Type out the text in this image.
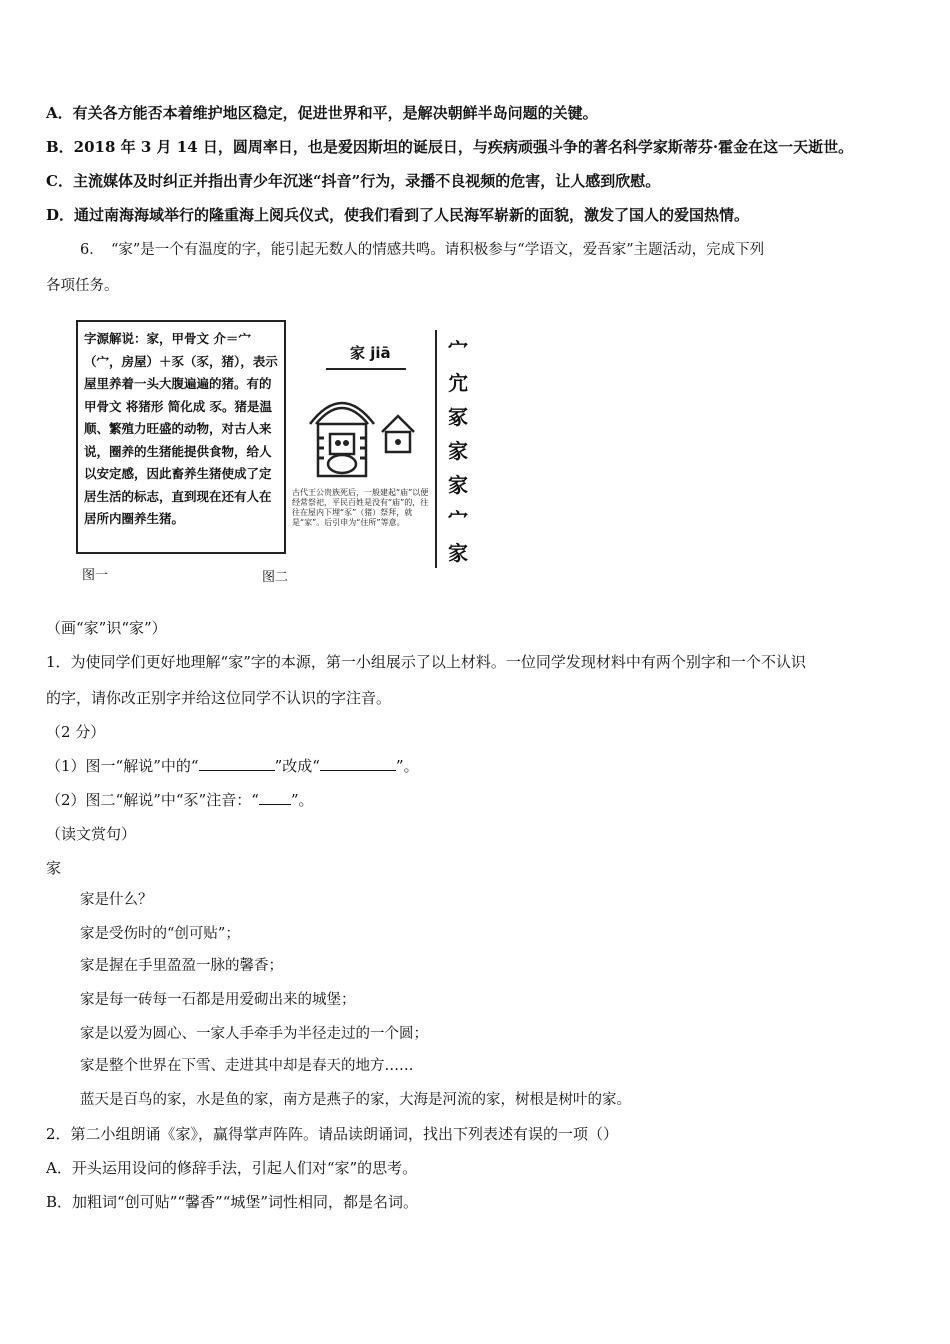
A．有关各方能否本着维护地区稳定，促进世界和平，是解决朝鲜半岛问题的关键。
B．2018 年 3 月 14 日，圆周率日，也是爱因斯坦的诞辰日，与疾病顽强斗争的著名科学家斯蒂芬·霍金在这一天逝世。
C．主流媒体及时纠正并指出青少年沉迷“抖音”行为，录播不良视频的危害，让人感到欣慰。
D．通过南海海域举行的隆重海上阅兵仪式，使我们看到了人民海军崭新的面貌，激发了国人的爱国热情。
6．　“家”是一个有温度的字，能引起无数人的情感共鸣。请积极参与“学语文，爱吾家”主题活动，完成下列
各项任务。
字源解说：家，甲骨文 介＝宀（宀，房屋）＋豕（豕，猪），表示屋里养着一头大腹遍遍的猪。有的甲骨文 将猪形 简化成 豕。猪是温顺、繁殖力旺盛的动物，对古人来说，圈养的生猪能提供食物，给人以安定感，因此畜养生猪使成了定居生活的标志，直到现在还有人在居所内圈养生猪。
图一
家 jiā
古代王公贵族死后，一般建起“庙”以便经常祭祀，平民百姓是没有“庙”的，往往在屋内下埋“豕”（猪）祭拜，就是“家”。后引申为“住所”等意。
宀
宂
冢
家
家
宀
家
图二
（画“家”识“家”）
1．为使同学们更好地理解“家”字的本源，第一小组展示了以上材料。一位同学发现材料中有两个别字和一个不认识
的字，请你改正别字并给这位同学不认识的字注音。
（2 分）
（1）图一“解说”中的“	”改成“	”。
（2）图二“解说”中“豕”注音：“ ”。
（读文赏句）
家
家是什么？
家是受伤时的“创可贴”；
家是握在手里盈盈一脉的馨香；
家是每一砖每一石都是用爱砌出来的城堡；
家是以爱为圆心、一家人手牵手为半径走过的一个圆；
家是整个世界在下雪、走进其中却是春天的地方……
蓝天是百鸟的家，水是鱼的家，南方是燕子的家，大海是河流的家，树根是树叶的家。
2．第二小组朗诵《家》，赢得掌声阵阵。请品读朗诵词，找出下列表述有误的一项（）
A．开头运用设问的修辞手法，引起人们对“家”的思考。
B．加粗词“创可贴”“馨香”“城堡”词性相同，都是名词。
